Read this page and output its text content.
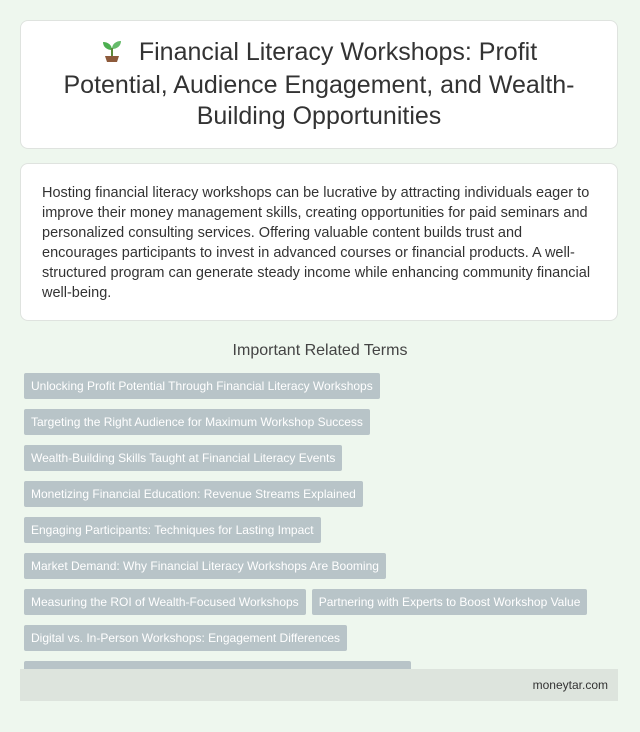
Financial Literacy Workshops: Profit Potential, Audience Engagement, and Wealth-Building Opportunities

Hosting financial literacy workshops can be lucrative by attracting individuals eager to improve their money management skills, creating opportunities for paid seminars and personalized consulting services. Offering valuable content builds trust and encourages participants to invest in advanced courses or financial products. A well-structured program can generate steady income while enhancing community financial well-being.

Important Related Terms
Unlocking Profit Potential Through Financial Literacy Workshops
Targeting the Right Audience for Maximum Workshop Success
Wealth-Building Skills Taught at Financial Literacy Events
Monetizing Financial Education: Revenue Streams Explained
Engaging Participants: Techniques for Lasting Impact
Market Demand: Why Financial Literacy Workshops Are Booming
Measuring the ROI of Wealth-Focused Workshops Partnering with Experts to Boost Workshop Value
Digital vs. In-Person Workshops: Engagement Differences

moneytar.com
